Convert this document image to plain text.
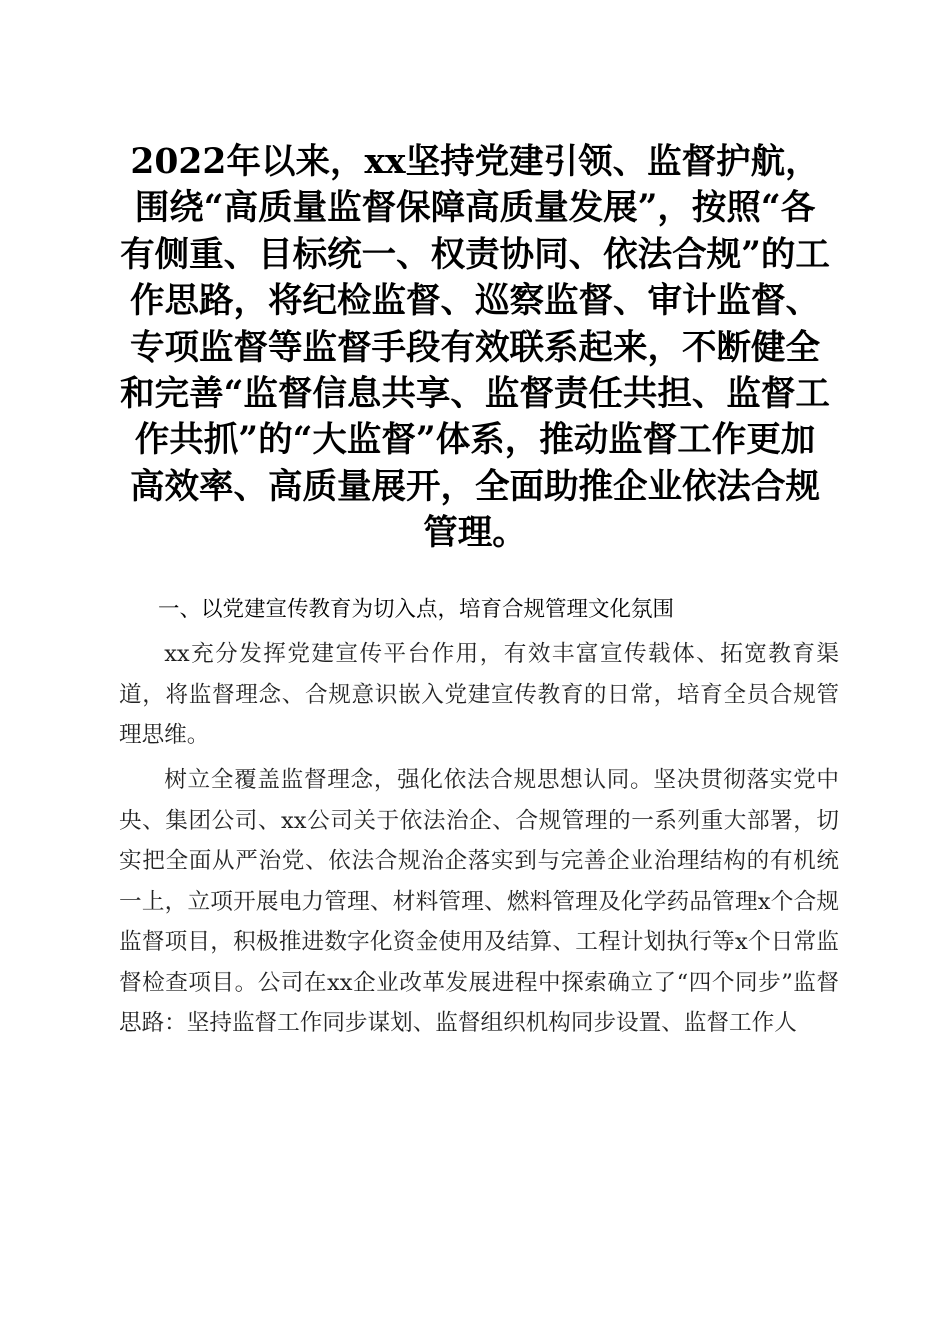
2022年以来，xx坚持党建引领、监督护航，围绕“高质量监督保障高质量发展”，按照“各有侧重、目标统一、权责协同、依法合规”的工作思路，将纪检监督、巡察监督、审计监督、专项监督等监督手段有效联系起来，不断健全和完善“监督信息共享、监督责任共担、监督工作共抓”的“大监督”体系，推动监督工作更加高效率、高质量展开，全面助推企业依法合规管理。

一、以党建宣传教育为切入点，培育合规管理文化氛围

xx充分发挥党建宣传平台作用，有效丰富宣传载体、拓宽教育渠道，将监督理念、合规意识嵌入党建宣传教育的日常，培育全员合规管理思维。

树立全覆盖监督理念，强化依法合规思想认同。坚决贯彻落实党中央、集团公司、xx公司关于依法治企、合规管理的一系列重大部署，切实把全面从严治党、依法合规治企落实到与完善企业治理结构的有机统一上，立项开展电力管理、材料管理、燃料管理及化学药品管理x个合规监督项目，积极推进数字化资金使用及结算、工程计划执行等x个日常监督检查项目。公司在xx企业改革发展进程中探索确立了“四个同步”监督思路：坚持监督工作同步谋划、监督组织机构同步设置、监督工作人
